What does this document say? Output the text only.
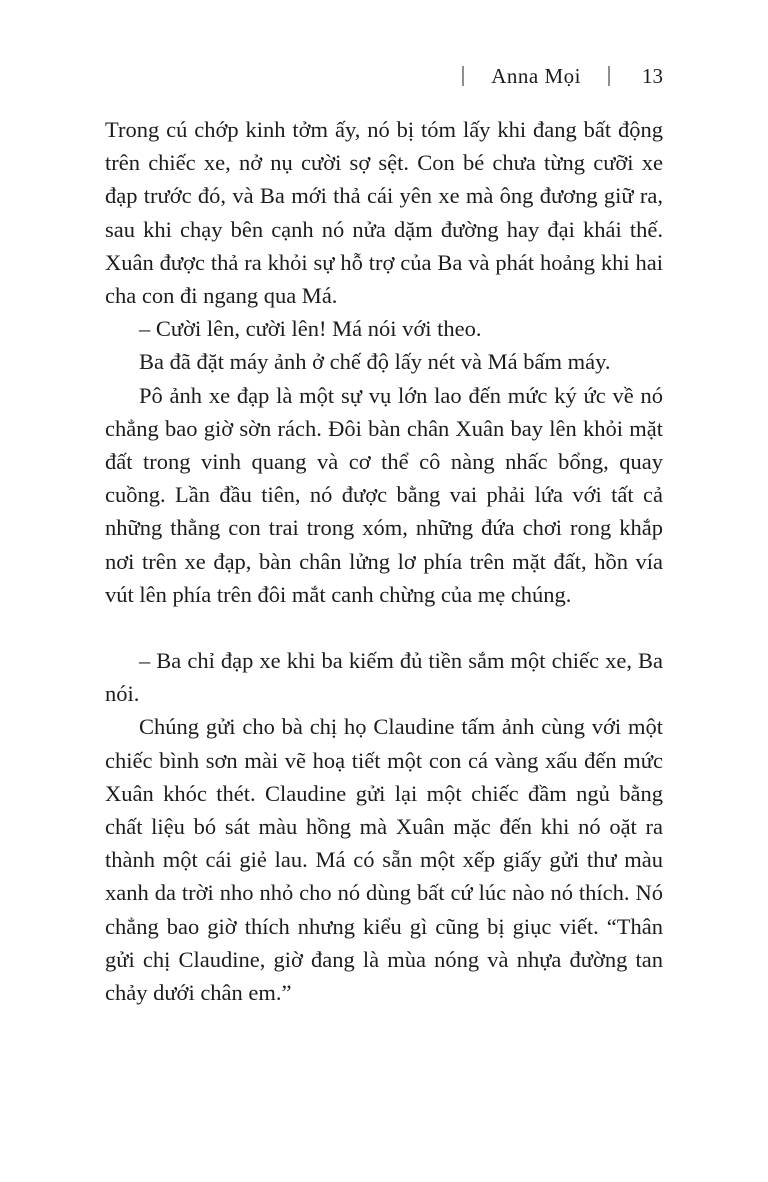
Anna Mọi	13

Trong cú chớp kinh tởm ấy, nó bị tóm lấy khi đang bất động trên chiếc xe, nở nụ cười sợ sệt. Con bé chưa từng cưỡi xe đạp trước đó, và Ba mới thả cái yên xe mà ông đương giữ ra, sau khi chạy bên cạnh nó nửa dặm đường hay đại khái thế. Xuân được thả ra khỏi sự hỗ trợ của Ba và phát hoảng khi hai cha con đi ngang qua Má.

– Cười lên, cười lên! Má nói với theo.

Ba đã đặt máy ảnh ở chế độ lấy nét và Má bấm máy.

Pô ảnh xe đạp là một sự vụ lớn lao đến mức ký ức về nó chẳng bao giờ sờn rách. Đôi bàn chân Xuân bay lên khỏi mặt đất trong vinh quang và cơ thể cô nàng nhấc bổng, quay cuồng. Lần đầu tiên, nó được bằng vai phải lứa với tất cả những thằng con trai trong xóm, những đứa chơi rong khắp nơi trên xe đạp, bàn chân lửng lơ phía trên mặt đất, hồn vía vút lên phía trên đôi mắt canh chừng của mẹ chúng.

– Ba chỉ đạp xe khi ba kiếm đủ tiền sắm một chiếc xe, Ba nói.

Chúng gửi cho bà chị họ Claudine tấm ảnh cùng với một chiếc bình sơn mài vẽ hoạ tiết một con cá vàng xấu đến mức Xuân khóc thét. Claudine gửi lại một chiếc đầm ngủ bằng chất liệu bó sát màu hồng mà Xuân mặc đến khi nó oặt ra thành một cái giẻ lau. Má có sẵn một xếp giấy gửi thư màu xanh da trời nho nhỏ cho nó dùng bất cứ lúc nào nó thích. Nó chẳng bao giờ thích nhưng kiểu gì cũng bị giục viết. “Thân gửi chị Claudine, giờ đang là mùa nóng và nhựa đường tan chảy dưới chân em.”
